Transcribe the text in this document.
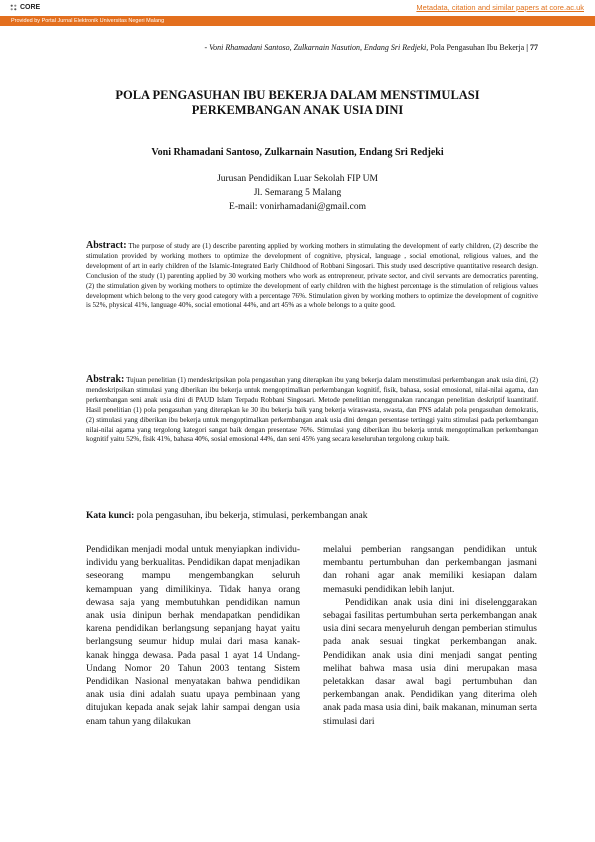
CORE	Metadata, citation and similar papers at core.ac.uk
Provided by Portal Jurnal Elektronik Universitas Negeri Malang
- Voni Rhamadani Santoso, Zulkarnain Nasution, Endang Sri Redjeki, Pola Pengasuhan Ibu Bekerja | 77
POLA PENGASUHAN IBU BEKERJA DALAM MENSTIMULASI
PERKEMBANGAN ANAK USIA DINI
Voni Rhamadani Santoso, Zulkarnain Nasution, Endang Sri Redjeki
Jurusan Pendidikan Luar Sekolah FIP UM
Jl. Semarang 5 Malang
E-mail: vonirhamadani@gmail.com
Abstract: The purpose of study are (1) describe parenting applied by working mothers in stimulating the development of early children, (2) describe the stimulation provided by working mothers to optimize the development of cognitive, physical, language , social emotional, religious values, and the development of art in early children of the Islamic-Integrated Early Childhood of Robbani Singosari. This study used descriptive quantitative research design. Conclusion of the study (1) parenting applied by 30 working mothers who work as entrepreneur, private sector, and civil servants are democratics parenting, (2) the stimulation given by working mothers to optimize the development of early children with the highest percentage is the stimulation of religious values development which belong to the very good category with a percentage 76%. Stimulation given by working mothers to optimize the development of cognitive is 52%, physical 41%, language 40%, social emotional 44%, and art 45% as a whole belongs to a quite good.
Abstrak: Tujuan penelitian (1) mendeskripsikan pola pengasuhan yang diterapkan ibu yang bekerja dalam menstimulasi perkembangan anak usia dini, (2) mendeskripsikan stimulasi yang diberikan ibu bekerja untuk mengoptimalkan perkembangan kognitif, fisik, bahasa, sosial emosional, nilai-nilai agama, dan perkembangan seni anak usia dini di PAUD Islam Terpadu Robbani Singosari. Metode penelitian menggunakan rancangan penelitian deskriptif kuantitatif. Hasil penelitian (1) pola pengasuhan yang diterapkan ke 30 ibu bekerja baik yang bekerja wiraswasta, swasta, dan PNS adalah pola pengasuhan demokratis, (2) stimulasi yang diberikan ibu bekerja untuk mengoptimalkan perkembangan anak usia dini dengan persentase tertinggi yaitu stimulasi pada perkembangan nilai-nilai agama yang tergolong kategori sangat baik dengan presentase 76%. Stimulasi yang diberikan ibu bekerja untuk mengoptimalkan perkembangan kognitif yaitu 52%, fisik 41%, bahasa 40%, sosial emosional 44%, dan seni 45% yang secara keseluruhan tergolong cukup baik.
Kata kunci: pola pengasuhan, ibu bekerja, stimulasi, perkembangan anak

Pendidikan menjadi modal untuk menyiapkan individu-individu yang berkualitas. Pendidikan dapat menjadikan seseorang mampu mengembangkan seluruh kemampuan yang dimilikinya. Tidak hanya orang dewasa saja yang membutuhkan pendidikan namun anak usia dinipun berhak mendapatkan pendidikan karena pendidikan berlangsung sepanjang hayat yaitu berlangsung seumur hidup mulai dari masa kanak-kanak hingga dewasa. Pada pasal 1 ayat 14 Undang-Undang Nomor 20 Tahun 2003 tentang Sistem Pendidikan Nasional menyatakan bahwa pendidikan anak usia dini adalah suatu upaya pembinaan yang ditujukan kepada anak sejak lahir sampai dengan usia enam tahun yang dilakukan

melalui pemberian rangsangan pendidikan untuk membantu pertumbuhan dan perkembangan jasmani dan rohani agar anak memiliki kesiapan dalam memasuki pendidikan lebih lanjut.

Pendidikan anak usia dini ini diselenggarakan sebagai fasilitas pertumbuhan serta perkembangan anak usia dini secara menyeluruh dengan pemberian stimulus pada anak sesuai tingkat perkembangan anak. Pendidikan anak usia dini menjadi sangat penting melihat bahwa masa usia dini merupakan masa peletakkan dasar awal bagi pertumbuhan dan perkembangan anak. Pendidikan yang diterima oleh anak pada masa usia dini, baik makanan, minuman serta stimulasi dari
